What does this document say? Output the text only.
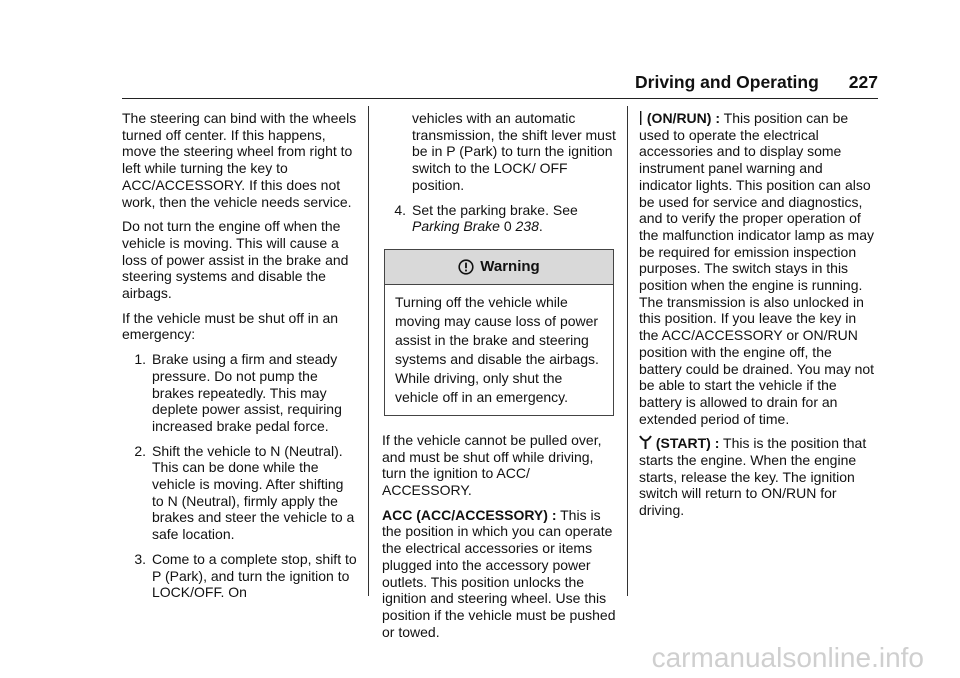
Driving and Operating 227

The steering can bind with the wheels turned off center. If this happens, move the steering wheel from right to left while turning the key to ACC/ACCESSORY. If this does not work, then the vehicle needs service.

Do not turn the engine off when the vehicle is moving. This will cause a loss of power assist in the brake and steering systems and disable the airbags.

If the vehicle must be shut off in an emergency:

1. Brake using a firm and steady pressure. Do not pump the brakes repeatedly. This may deplete power assist, requiring increased brake pedal force.
2. Shift the vehicle to N (Neutral). This can be done while the vehicle is moving. After shifting to N (Neutral), firmly apply the brakes and steer the vehicle to a safe location.
3. Come to a complete stop, shift to P (Park), and turn the ignition to LOCK/OFF. On

vehicles with an automatic transmission, the shift lever must be in P (Park) to turn the ignition switch to the LOCK/ OFF position.

4. Set the parking brake. See
Parking Brake 0 238.
Warning
Turning off the vehicle while moving may cause loss of power assist in the brake and steering systems and disable the airbags. While driving, only shut the vehicle off in an emergency.

If the vehicle cannot be pulled over, and must be shut off while driving, turn the ignition to ACC/ ACCESSORY.

ACC (ACC/ACCESSORY) : This is the position in which you can operate the electrical accessories or items plugged into the accessory power outlets. This position unlocks the ignition and steering wheel. Use this position if the vehicle must be pushed or towed.

(ON/RUN) : This position can be used to operate the electrical accessories and to display some instrument panel warning and indicator lights. This position can also be used for service and diagnostics, and to verify the proper operation of the malfunction indicator lamp as may be required for emission inspection purposes. The switch stays in this position when the engine is running. The transmission is also unlocked in this position. If you leave the key in the ACC/ACCESSORY or ON/RUN position with the engine off, the battery could be drained. You may not be able to start the vehicle if the battery is allowed to drain for an extended period of time.

(START) : This is the position that starts the engine. When the engine starts, release the key. The ignition switch will return to ON/RUN for driving.

carmanualsonline.info
